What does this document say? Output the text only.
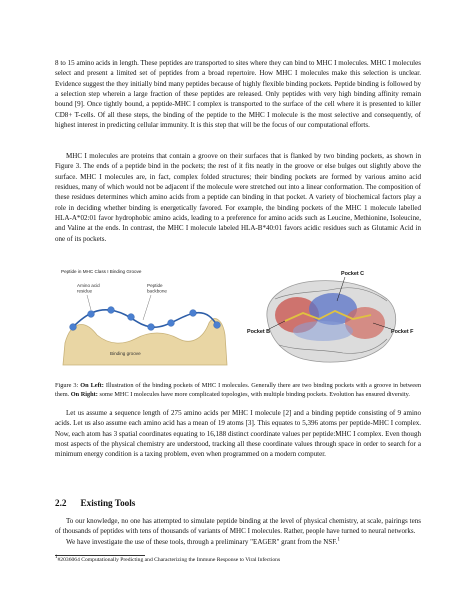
8 to 15 amino acids in length. These peptides are transported to sites where they can bind to MHC I molecules. MHC I molecules select and present a limited set of peptides from a broad repertoire. How MHC I molecules make this selection is unclear. Evidence suggest the they initially bind many peptides because of highly flexible binding pockets. Peptide binding is followed by a selection step wherein a large fraction of these peptides are released. Only peptides with very high binding affinity remain bound [9]. Once tightly bound, a peptide-MHC I complex is transported to the surface of the cell where it is presented to killer CD8+ T-cells. Of all these steps, the binding of the peptide to the MHC I molecule is the most selective and consequently, of highest interest in predicting cellular immunity. It is this step that will be the focus of our computational efforts.

MHC I molecules are proteins that contain a groove on their surfaces that is flanked by two binding pockets, as shown in Figure 3. The ends of a peptide bind in the pockets; the rest of it fits neatly in the groove or else bulges out slightly above the surface. MHC I molecules are, in fact, complex folded structures; their binding pockets are formed by various amino acid residues, many of which would not be adjacent if the molecule were stretched out into a linear conformation. The composition of these residues determines which amino acids from a peptide can binding in that pocket. A variety of biochemical factors play a role in deciding whether binding is energetically favored. For example, the binding pockets of the MHC 1 molecule labelled HLA-A*02:01 favor hydrophobic amino acids, leading to a preference for amino acids such as Leucine, Methionine, Isoleucine, and Valine at the ends. In contrast, the MHC I molecule labeled HLA-B*40:01 favors acidic residues such as Glutamic Acid in one of its pockets.

Peptide in MHC Class I Binding Groove
Binding groove
Amino acid residue
Peptide backbone
Pocket C
Pocket B	Pocket F

Figure 3: On Left: Illustration of the binding pockets of MHC I molecules. Generally there are two binding pockets with a groove in between them. On Right: some MHC I molecules have more complicated topologies, with multiple binding pockets. Evolution has ensured diversity.

Let us assume a sequence length of 275 amino acids per MHC I molecule [2] and a binding peptide consisting of 9 amino acids. Let us also assume each amino acid has a mean of 19 atoms [3]. This equates to 5,396 atoms per peptide-MHC I complex. Now, each atom has 3 spatial coordinates equating to 16,188 distinct coordinate values per peptide:MHC I complex. Even though most aspects of the physical chemistry are understood, tracking all these coordinate values through space in order to search for a minimum energy condition is a taxing problem, even when programmed on a modern computer.

2.2 Existing Tools

To our knowledge, no one has attempted to simulate peptide binding at the level of physical chemistry, at scale, pairings tens of thousands of peptides with tens of thousands of variants of MHC I molecules. Rather, people have turned to neural networks.

We have investigate the use of these tools, through a preliminary "EAGER" grant from the NSF.$^1$

$^1$#2036064 Computationally Predicting and Characterizing the Immune Response to Viral Infections
